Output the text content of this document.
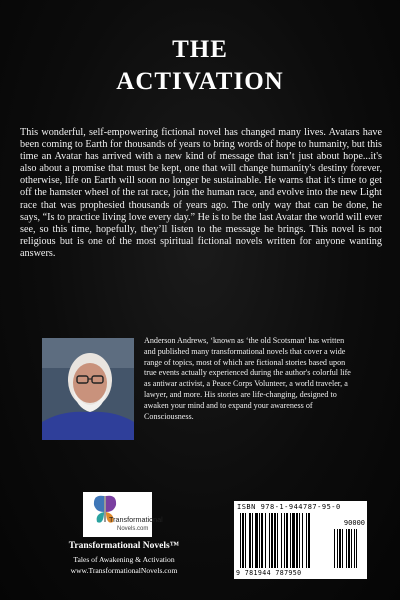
THE
ACTIVATION
This wonderful, self-empowering fictional novel has changed many lives. Avatars have been coming to Earth for thousands of years to bring words of hope to humanity, but this time an Avatar has arrived with a new kind of message that isn’t just about hope...it's also about a promise that must be kept, one that will change humanity's destiny forever, otherwise, life on Earth will soon no longer be sustainable. He warns that it's time to get off the hamster wheel of the rat race, join the human race, and evolve into the new Light race that was prophesied thousands of years ago. The only way that can be done, he says, “Is to practice living love every day.” He is to be the last Avatar the world will ever see, so this time, hopefully, they’ll listen to the message he brings. This novel is not religious but is one of the most spiritual fictional novels written for anyone wanting answers.
Anderson Andrews, ‘known as ‘the old Scotsman’ has written and published many transformational novels that cover a wide range of topics, most of which are fictional stories based upon true events actually experienced during the author's colorful life as antiwar activist, a Peace Corps Volunteer, a world traveler, a lawyer, and more. His stories are life-changing, designed to awaken your mind and to expand your awareness of Consciousness.
Transformational
Novels.com
Transformational Novels™
Tales of Awakening & Activation
www.TransformationalNovels.com
ISBN 978-1-944787-95-0
90000
9 781944 787950
